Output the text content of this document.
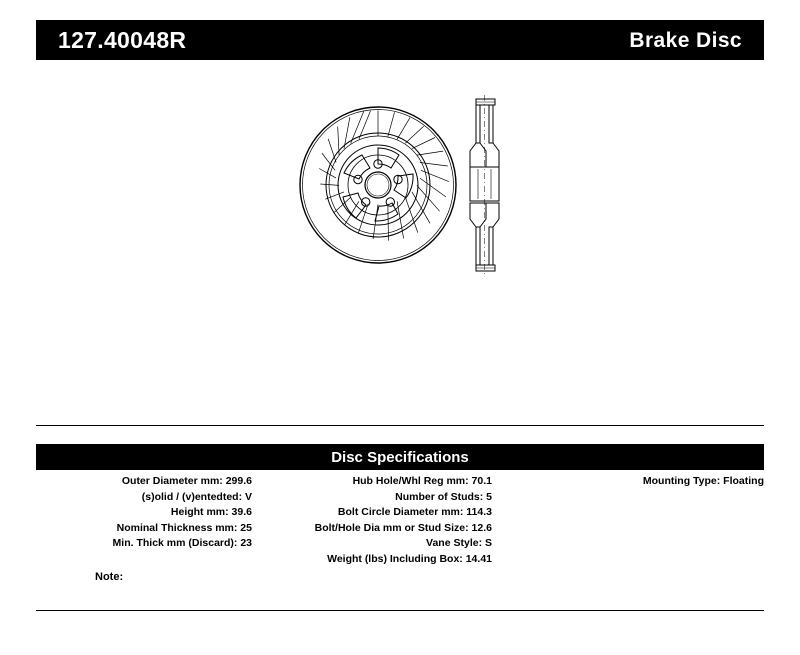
127.40048R	Brake Disc
Disc Specifications
Outer Diameter mm: 299.6
(s)olid / (v)entedted: V
Height mm: 39.6
Nominal Thickness mm: 25
Min. Thick mm (Discard): 23
Hub Hole/Whl Reg mm: 70.1
Number of Studs: 5
Bolt Circle Diameter mm: 114.3
Bolt/Hole Dia mm or Stud Size: 12.6
Vane Style: S
Weight (lbs) Including Box: 14.41
Mounting Type: Floating
Note:
